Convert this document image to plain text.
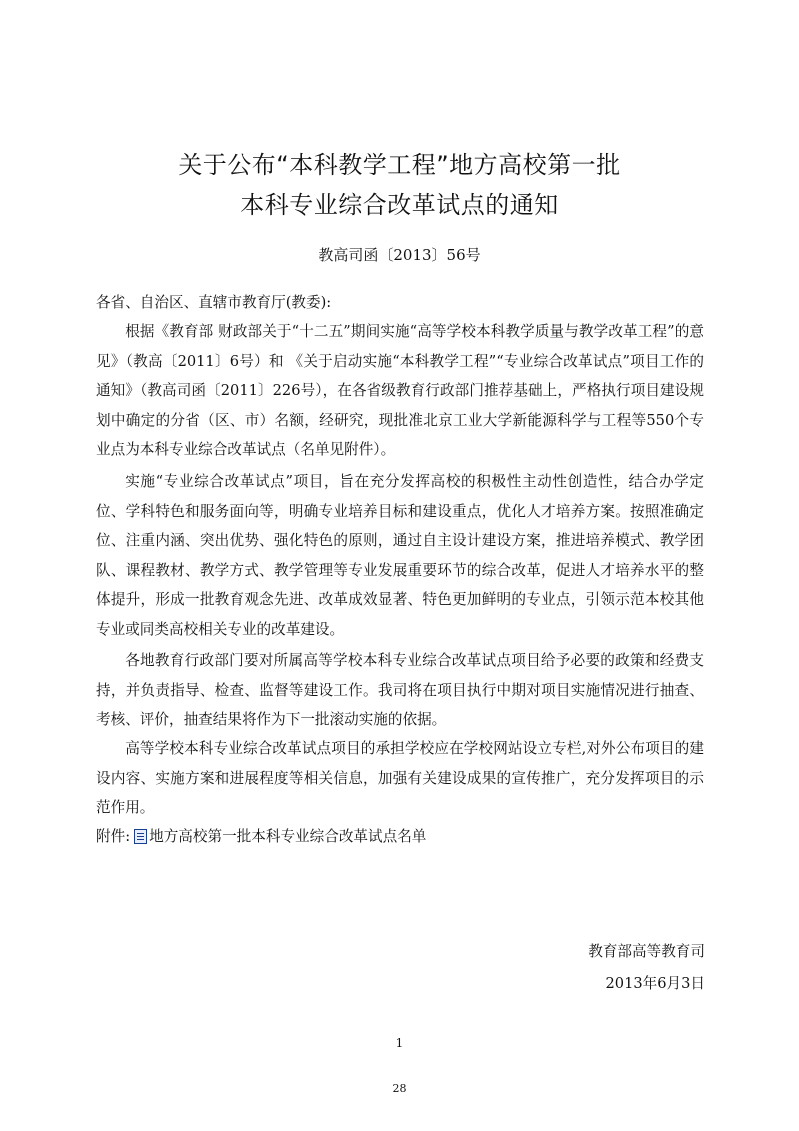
关于公布“本科教学工程”地方高校第一批
本科专业综合改革试点的通知
教高司函〔2013〕56号
各省、自治区、直辖市教育厅(教委):

根据《教育部 财政部关于“十二五”期间实施“高等学校本科教学质量与教学改革工程”的意见》（教高〔2011〕6号）和 《关于启动实施“本科教学工程”“专业综合改革试点”项目工作的通知》（教高司函〔2011〕226号），在各省级教育行政部门推荐基础上，严格执行项目建设规划中确定的分省（区、市）名额，经研究，现批准北京工业大学新能源科学与工程等550个专业点为本科专业综合改革试点（名单见附件）。

实施“专业综合改革试点”项目，旨在充分发挥高校的积极性主动性创造性，结合办学定位、学科特色和服务面向等，明确专业培养目标和建设重点，优化人才培养方案。按照准确定位、注重内涵、突出优势、强化特色的原则，通过自主设计建设方案，推进培养模式、教学团队、课程教材、教学方式、教学管理等专业发展重要环节的综合改革，促进人才培养水平的整体提升，形成一批教育观念先进、改革成效显著、特色更加鲜明的专业点，引领示范本校其他专业或同类高校相关专业的改革建设。

各地教育行政部门要对所属高等学校本科专业综合改革试点项目给予必要的政策和经费支持，并负责指导、检查、监督等建设工作。我司将在项目执行中期对项目实施情况进行抽查、考核、评价，抽查结果将作为下一批滚动实施的依据。

高等学校本科专业综合改革试点项目的承担学校应在学校网站设立专栏,对外公布项目的建设内容、实施方案和进展程度等相关信息，加强有关建设成果的宣传推广，充分发挥项目的示范作用。

附件: 地方高校第一批本科专业综合改革试点名单
教育部高等教育司
2013年6月3日
1
28
